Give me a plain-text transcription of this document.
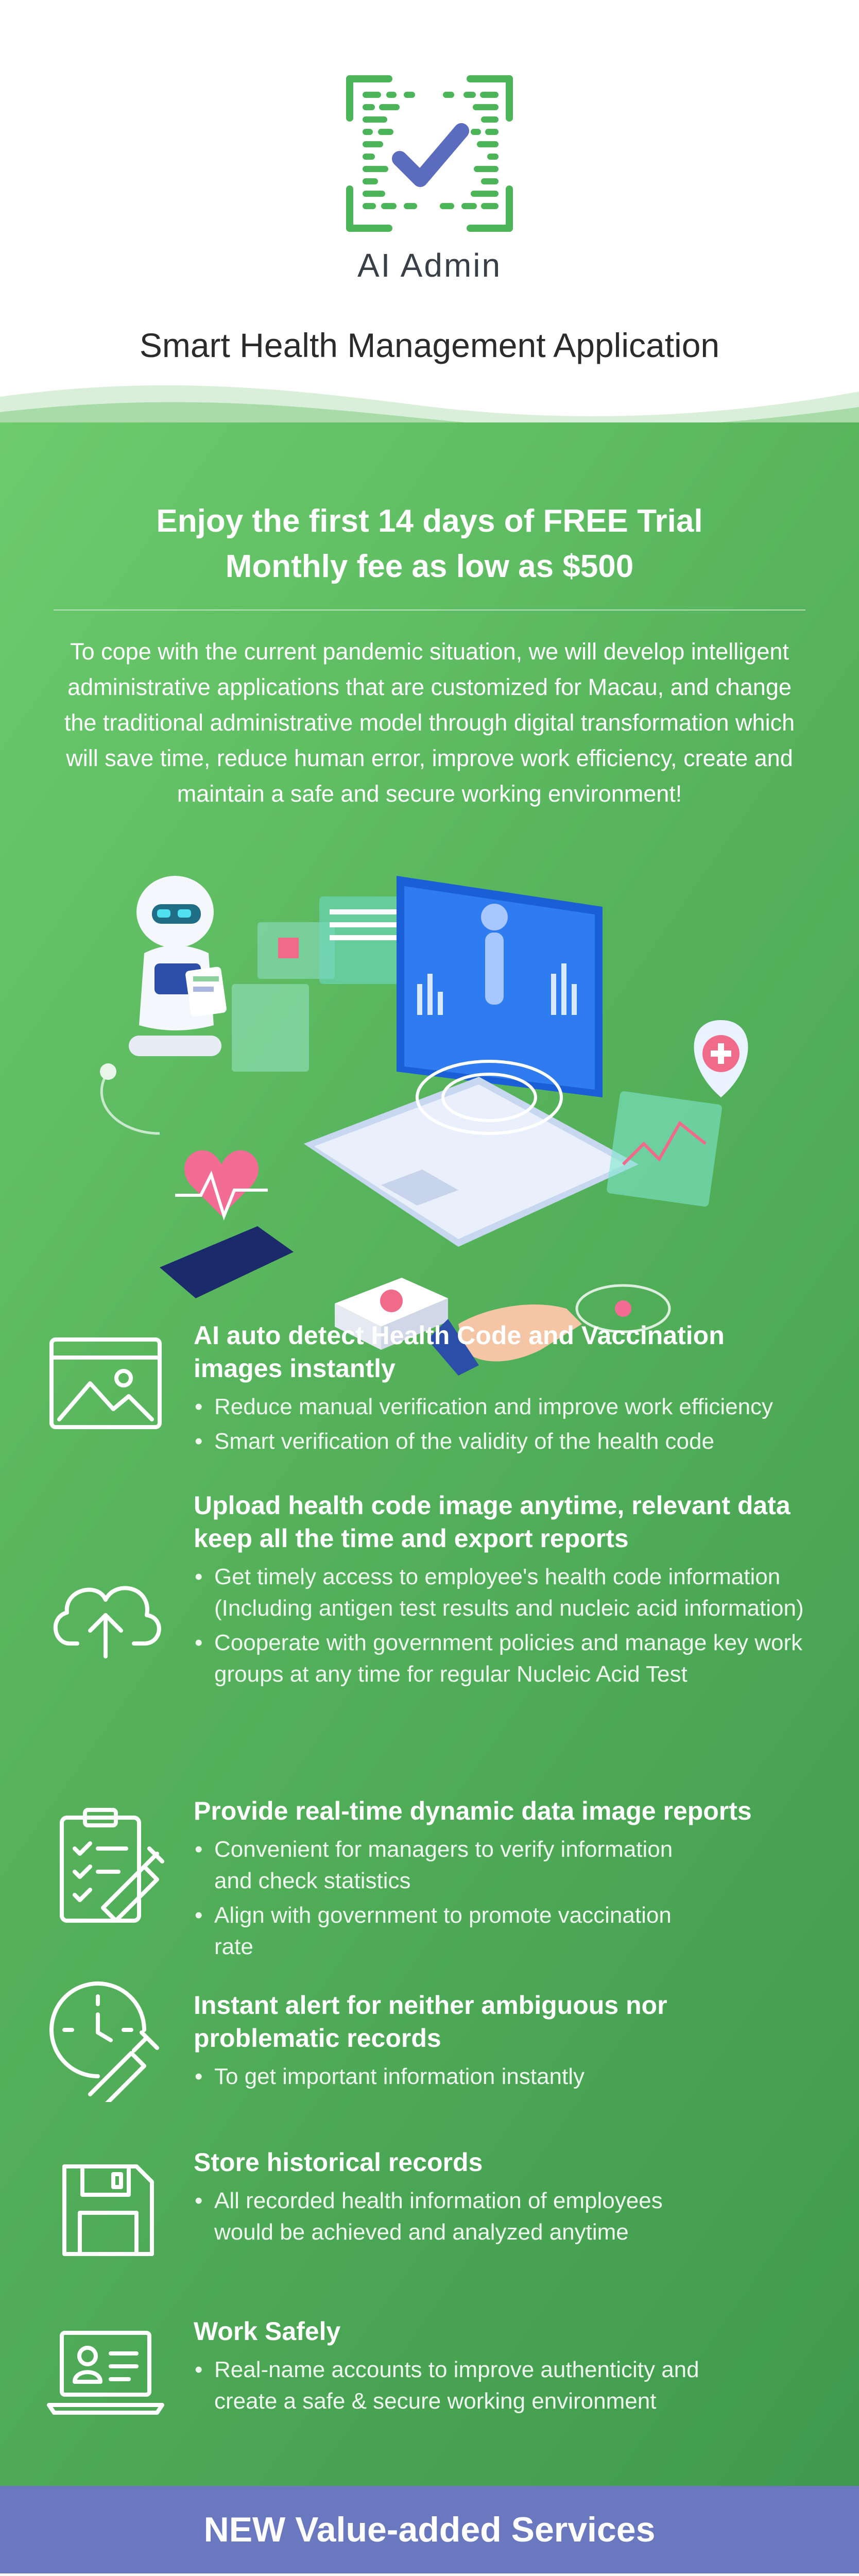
AI Admin
Smart Health Management Application
Enjoy the first 14 days of FREE Trial
Monthly fee as low as $500
To cope with the current pandemic situation, we will develop intelligent administrative applications that are customized for Macau, and change the traditional administrative model through digital transformation which will save time, reduce human error, improve work efficiency, create and maintain a safe and secure working environment!
AI auto detect Health Code and Vaccination images instantly
• Reduce manual verification and improve work efficiency
• Smart verification of the validity of the health code
Upload health code image anytime, relevant data keep all the time and export reports
• Get timely access to employee's health code information (Including antigen test results and nucleic acid information)
• Cooperate with government policies and manage key work groups at any time for regular Nucleic Acid Test
Provide real-time dynamic data image reports
• Convenient for managers to verify information and check statistics
• Align with government to promote vaccination rate
Instant alert for neither ambiguous nor problematic records
• To get important information instantly
Store historical records
• All recorded health information of employees would be achieved and analyzed anytime
Work Safely
• Real-name accounts to improve authenticity and create a safe & secure working environment
NEW Value-added Services
